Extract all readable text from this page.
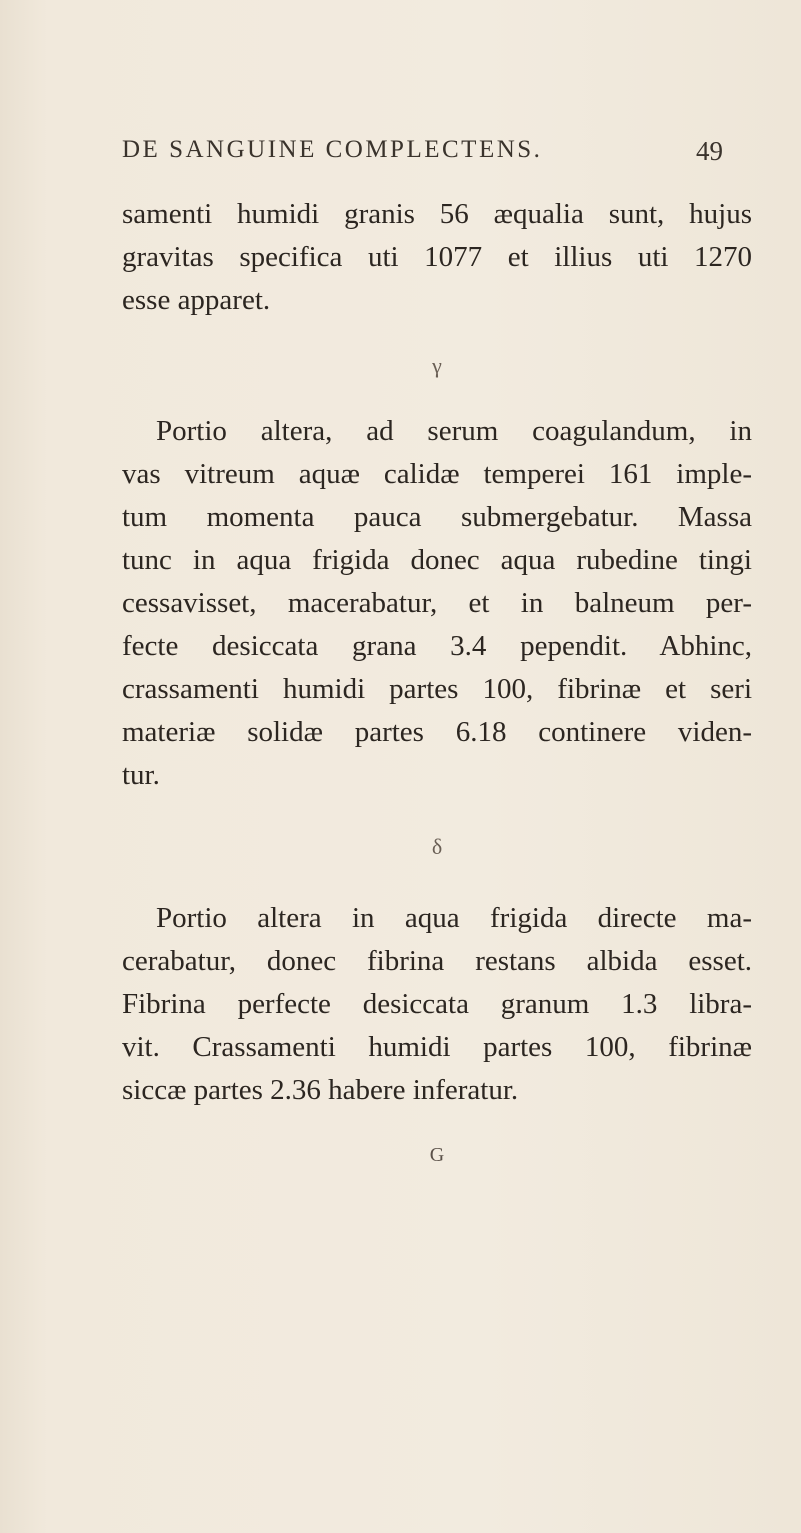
DE SANGUINE COMPLECTENS.	49
samenti humidi granis 56 æqualia sunt, hujus
gravitas specifica uti 1077 et illius uti 1270
esse apparet.
γ
Portio altera, ad serum coagulandum, in
vas vitreum aquæ calidæ temperei 161 imple-
tum momenta pauca submergebatur. Massa
tunc in aqua frigida donec aqua rubedine tingi
cessavisset, macerabatur, et in balneum per-
fecte desiccata grana 3.4 pependit. Abhinc,
crassamenti humidi partes 100, fibrinæ et seri
materiæ solidæ partes 6.18 continere viden-
tur.
δ
Portio altera in aqua frigida directe ma-
cerabatur, donec fibrina restans albida esset.
Fibrina perfecte desiccata granum 1.3 libra-
vit. Crassamenti humidi partes 100, fibrinæ
siccæ partes 2.36 habere inferatur.
G
